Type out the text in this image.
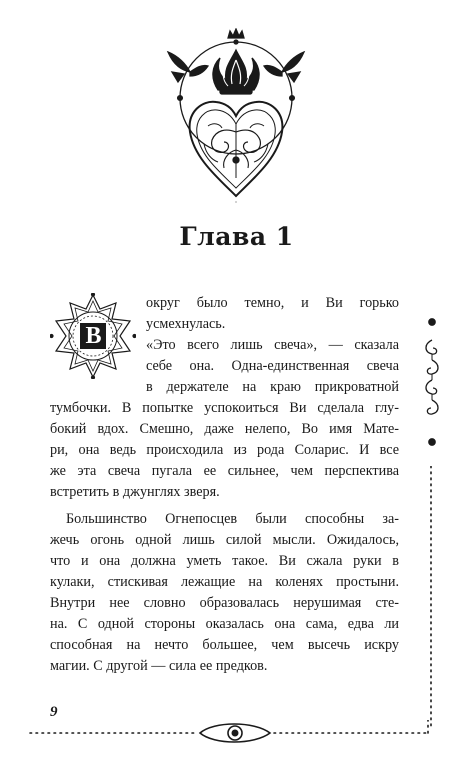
Глава 1
В
округ было темно, и Ви горько
усмехнулась.
«Это всего лишь свеча», — сказала
себе она. Одна-единственная свеча
в держателе на краю прикроватной
тумбочки. В попытке успокоиться Ви сделала глу-
бокий вдох. Смешно, даже нелепо, Во имя Мате-
ри, она ведь происходила из рода Соларис. И все
же эта свеча пугала ее сильнее, чем перспектива
встретить в джунглях зверя.
Большинство Огнепосцев были способны за-
жечь огонь одной лишь силой мысли. Ожидалось,
что и она должна уметь такое. Ви сжала руки в
кулаки, стискивая лежащие на коленях простыни.
Внутри нее словно образовалась нерушимая сте-
на. С одной стороны оказалась она сама, едва ли
способная на нечто большее, чем высечь искру
магии. С другой — сила ее предков.
9
